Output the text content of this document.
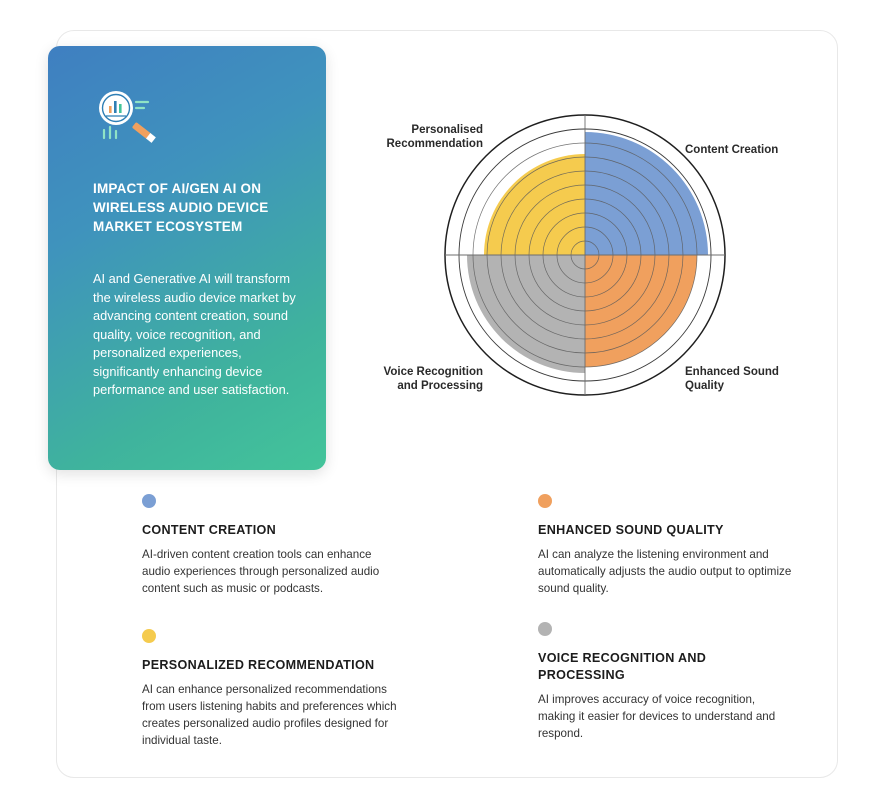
IMPACT OF AI/GEN AI ON WIRELESS AUDIO DEVICE MARKET ECOSYSTEM
AI and Generative AI will transform the wireless audio device market by advancing content creation, sound quality, voice recognition, and personalized experiences, significantly enhancing device performance and user satisfaction.
Personalised
Recommendation	Content Creation
Voice Recognition
and Processing
Enhanced Sound
Quality
CONTENT CREATION
AI-driven content creation tools can enhance audio experiences through personalized audio content such as music or podcasts.
ENHANCED SOUND QUALITY
AI can analyze the listening environment and automatically adjusts the audio output to optimize sound quality.
PERSONALIZED RECOMMENDATION
AI can enhance personalized recommendations from users listening habits and preferences which creates personalized audio profiles designed for individual taste.
VOICE RECOGNITION AND PROCESSING
AI improves accuracy of voice recognition, making it easier for devices to understand and respond.
